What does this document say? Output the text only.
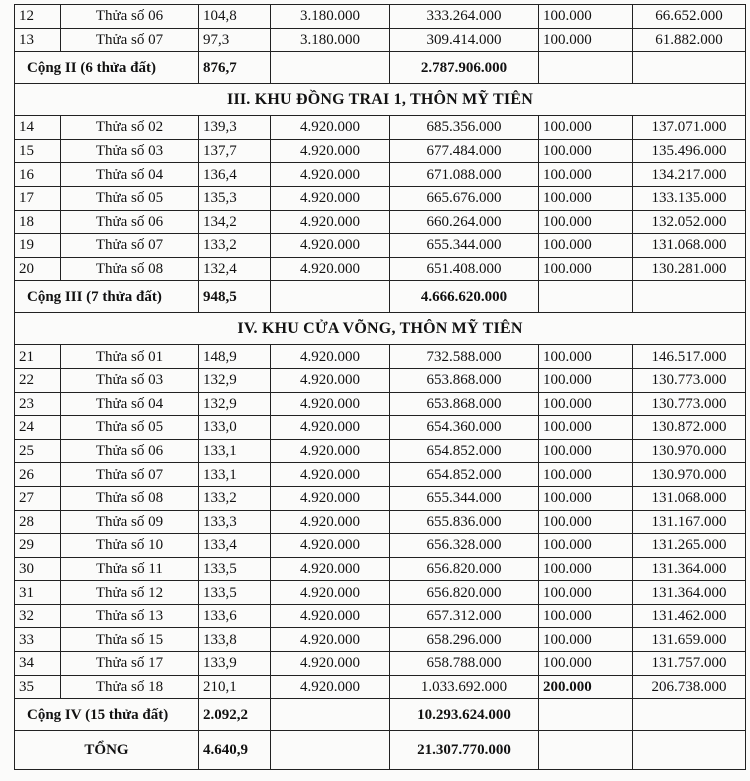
12	Thửa số 06	104,8	3.180.000	333.264.000	100.000	66.652.000
13	Thửa số 07	97,3	3.180.000	309.414.000	100.000	61.882.000
Cộng II (6 thửa đất)		876,7		2.787.906.000		
III. KHU ĐỒNG TRAI 1, THÔN MỸ TIÊN						
14	Thửa số 02	139,3	4.920.000	685.356.000	100.000	137.071.000
15	Thửa số 03	137,7	4.920.000	677.484.000	100.000	135.496.000
16	Thửa số 04	136,4	4.920.000	671.088.000	100.000	134.217.000
17	Thửa số 05	135,3	4.920.000	665.676.000	100.000	133.135.000
18	Thửa số 06	134,2	4.920.000	660.264.000	100.000	132.052.000
19	Thửa số 07	133,2	4.920.000	655.344.000	100.000	131.068.000
20	Thửa số 08	132,4	4.920.000	651.408.000	100.000	130.281.000
Cộng III (7 thửa đất)		948,5		4.666.620.000		
IV. KHU CỬA VÕNG, THÔN MỸ TIÊN						
21	Thửa số 01	148,9	4.920.000	732.588.000	100.000	146.517.000
22	Thửa số 03	132,9	4.920.000	653.868.000	100.000	130.773.000
23	Thửa số 04	132,9	4.920.000	653.868.000	100.000	130.773.000
24	Thửa số 05	133,0	4.920.000	654.360.000	100.000	130.872.000
25	Thửa số 06	133,1	4.920.000	654.852.000	100.000	130.970.000
26	Thửa số 07	133,1	4.920.000	654.852.000	100.000	130.970.000
27	Thửa số 08	133,2	4.920.000	655.344.000	100.000	131.068.000
28	Thửa số 09	133,3	4.920.000	655.836.000	100.000	131.167.000
29	Thửa số 10	133,4	4.920.000	656.328.000	100.000	131.265.000
30	Thửa số 11	133,5	4.920.000	656.820.000	100.000	131.364.000
31	Thửa số 12	133,5	4.920.000	656.820.000	100.000	131.364.000
32	Thửa số 13	133,6	4.920.000	657.312.000	100.000	131.462.000
33	Thửa số 15	133,8	4.920.000	658.296.000	100.000	131.659.000
34	Thửa số 17	133,9	4.920.000	658.788.000	100.000	131.757.000
35	Thửa số 18	210,1	4.920.000	1.033.692.000	200.000	206.738.000
Cộng IV (15 thửa đất)		2.092,2		10.293.624.000		
TỔNG		4.640,9		21.307.770.000		
